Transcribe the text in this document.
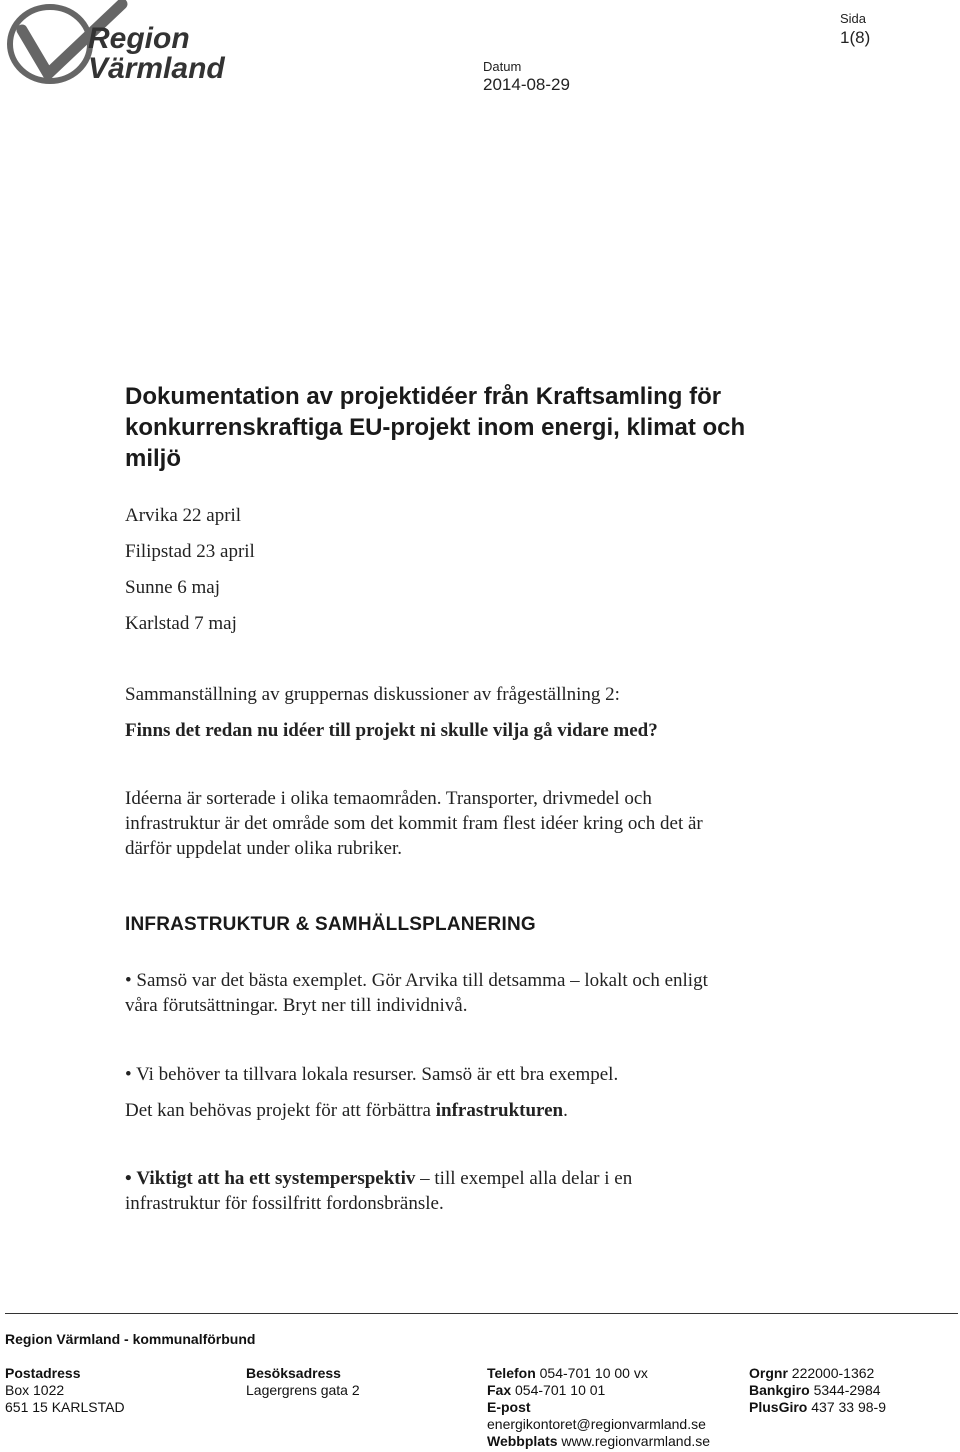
Region
Värmland
Sida
1(8)
Datum
2014-08-29
Dokumentation av projektidéer från Kraftsamling för
konkurrenskraftiga EU-projekt inom energi, klimat och
miljö
Arvika 22 april
Filipstad 23 april
Sunne 6 maj
Karlstad 7 maj
Sammanställning av gruppernas diskussioner av frågeställning 2:
Finns det redan nu idéer till projekt ni skulle vilja gå vidare med?
Idéerna är sorterade i olika temaområden. Transporter, drivmedel och
infrastruktur är det område som det kommit fram flest idéer kring och det är
därför uppdelat under olika rubriker.
INFRASTRUKTUR & SAMHÄLLSPLANERING
• Samsö var det bästa exemplet. Gör Arvika till detsamma – lokalt och enligt
våra förutsättningar. Bryt ner till individnivå.
• Vi behöver ta tillvara lokala resurser. Samsö är ett bra exempel.
Det kan behövas projekt för att förbättra infrastrukturen.
• Viktigt att ha ett systemperspektiv – till exempel alla delar i en
infrastruktur för fossilfritt fordonsbränsle.
Region Värmland - kommunalförbund
Postadress
Box 1022
651 15 KARLSTAD
Besöksadress
Lagergrens gata 2
Telefon 054-701 10 00 vx
Fax 054-701 10 01
E-post
energikontoret@regionvarmland.se
Webbplats www.regionvarmland.se
Orgnr 222000-1362
Bankgiro 5344-2984
PlusGiro 437 33 98-9
